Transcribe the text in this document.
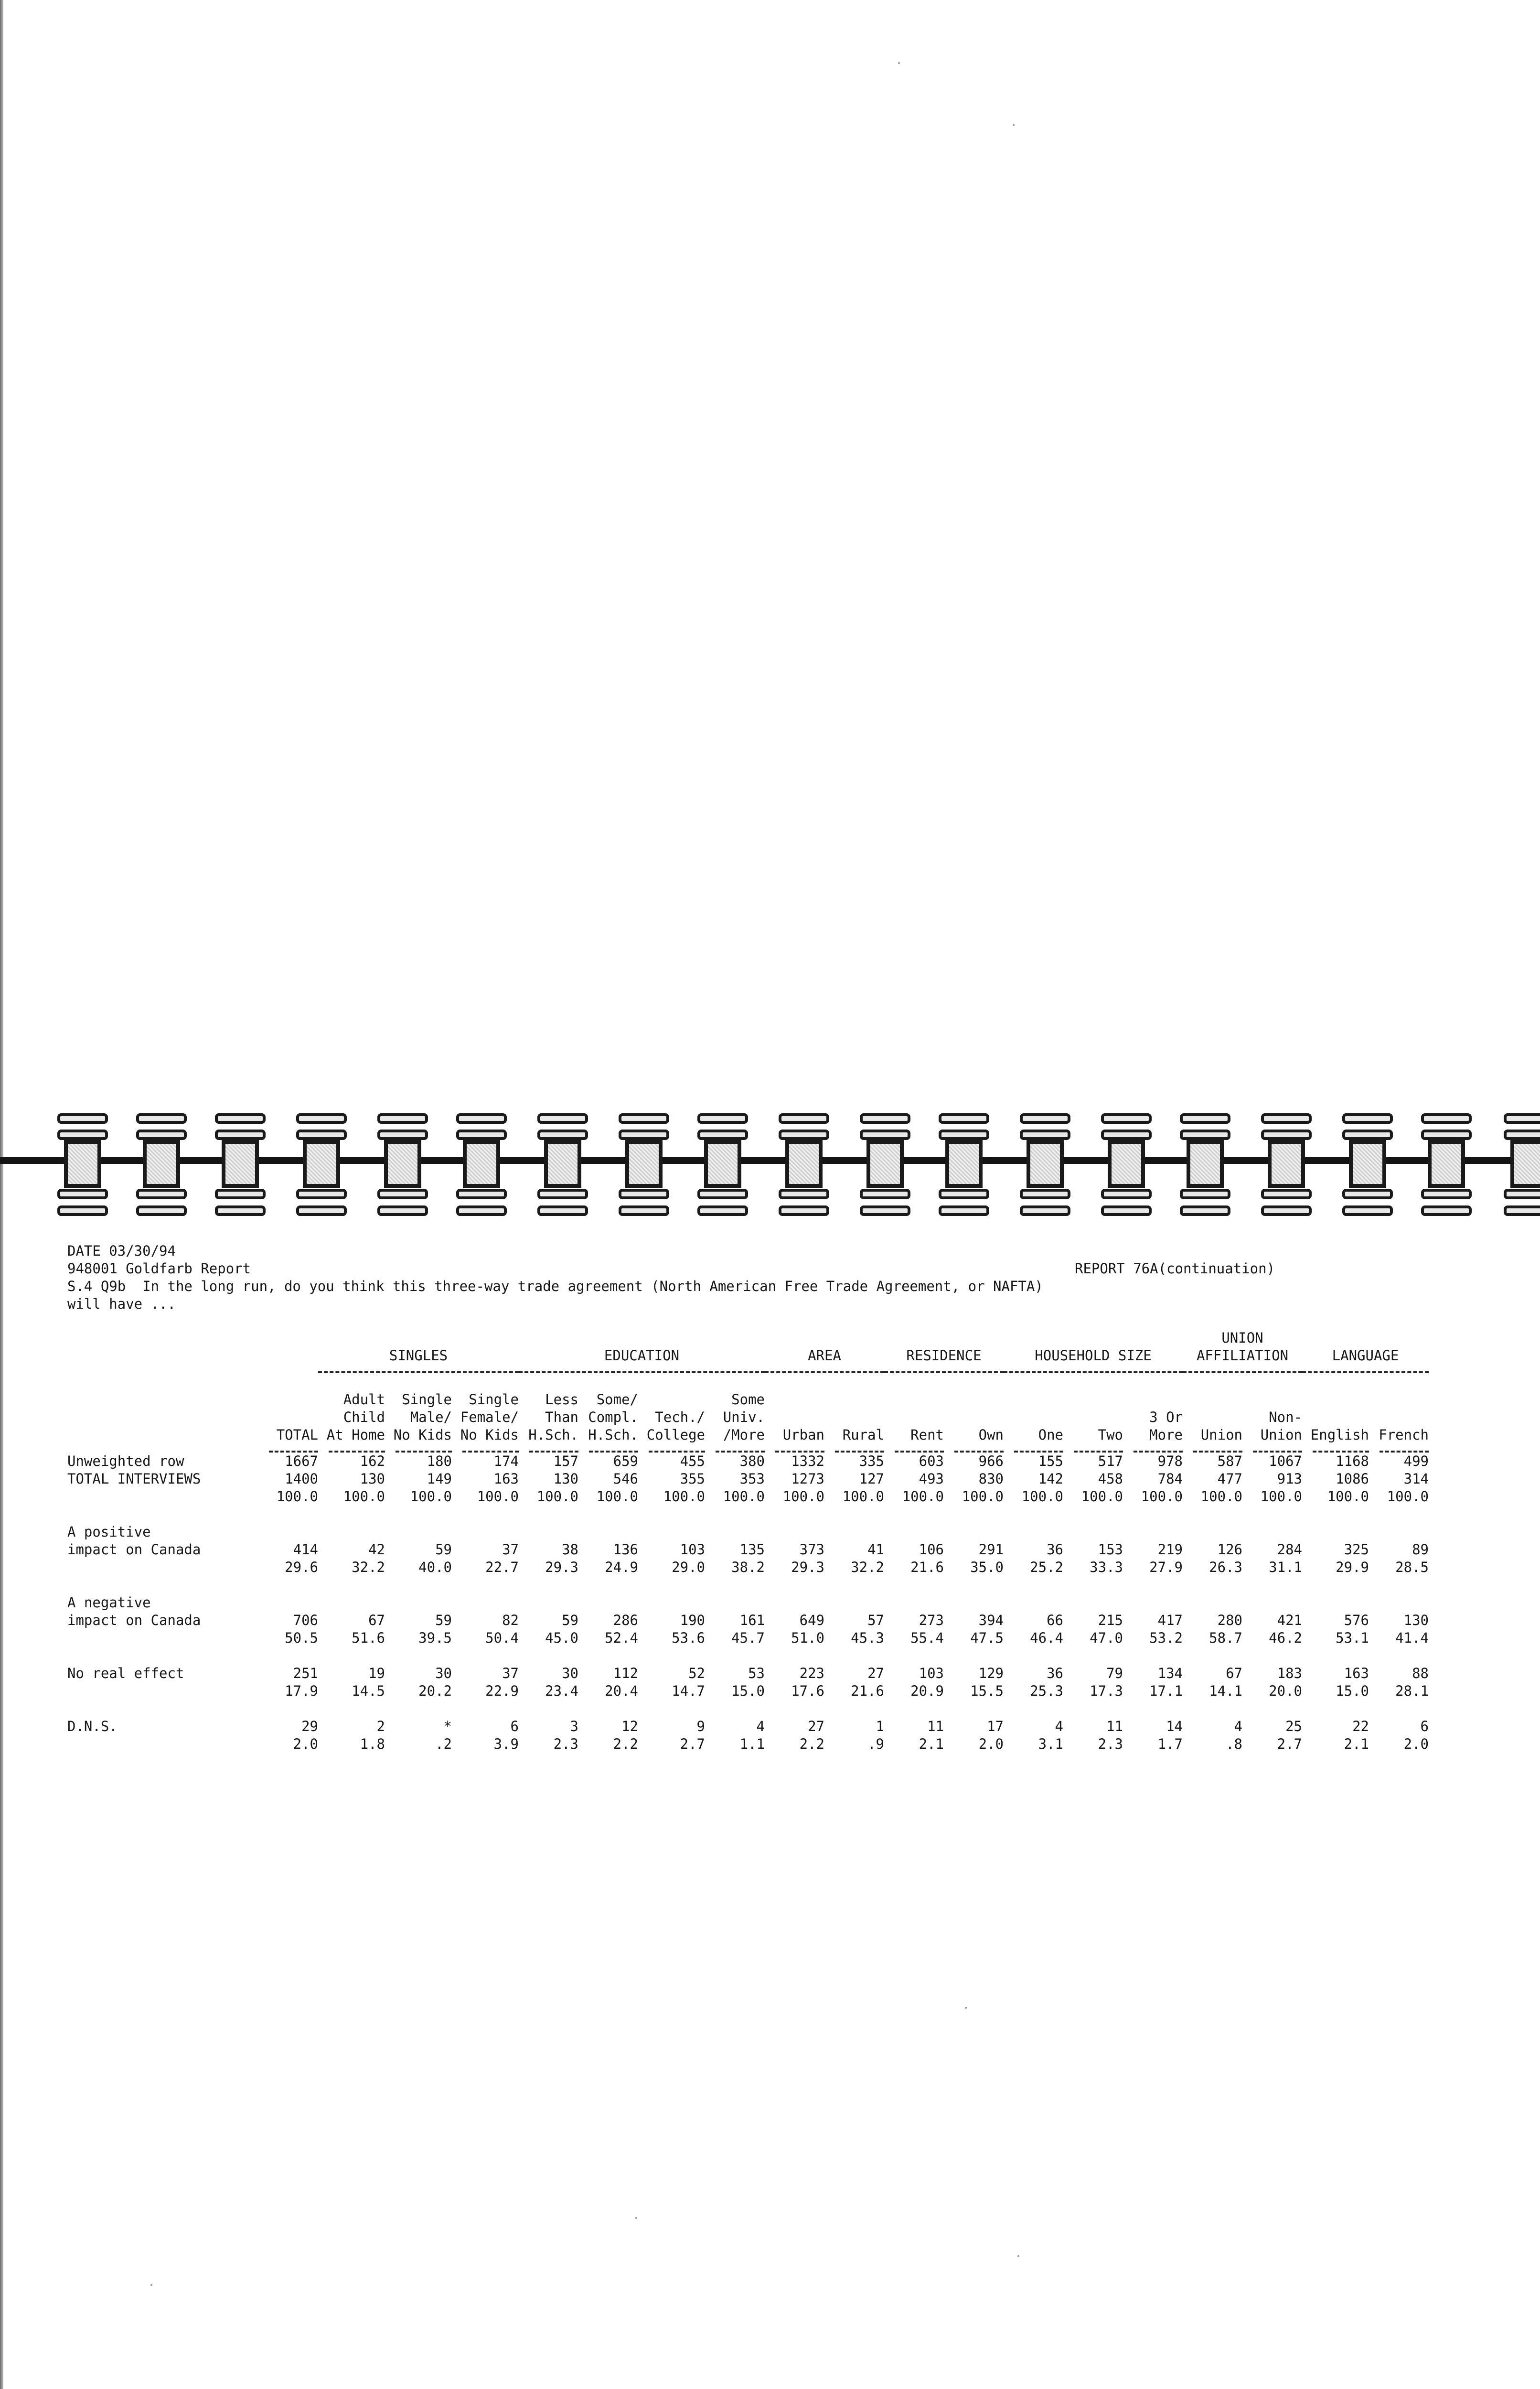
DATE 03/30/94

948001 Goldfarb Report

	REPORT 76A(continuation)

S.4 Q9b  In the long run, do you think this three-way trade agreement (North American Free Trade Agreement, or NAFTA)

will have ...

																UNION			
		SINGLES			EDUCATION				AREA		RESIDENCE		HOUSEHOLD SIZE			AFFILIATION		LANGUAGE	

		Adult	Single	Single	Less	Some/		Some											
		Child	Male/	Female/	Than	Compl.	Tech./	Univ.							3 Or		Non-		
	TOTAL	At Home	No Kids	No Kids	H.Sch.	H.Sch.	College	/More	Urban	Rural	Rent	Own	One	Two	More	Union	Union	English	French

Unweighted row	1667	162	180	174	157	659	455	380	1332	335	603	966	155	517	978	587	1067	1168	499
TOTAL INTERVIEWS	1400	130	149	163	130	546	355	353	1273	127	493	830	142	458	784	477	913	1086	314
	100.0	100.0	100.0	100.0	100.0	100.0	100.0	100.0	100.0	100.0	100.0	100.0	100.0	100.0	100.0	100.0	100.0	100.0	100.0

A positive																			
impact on Canada	414	42	59	37	38	136	103	135	373	41	106	291	36	153	219	126	284	325	89
	29.6	32.2	40.0	22.7	29.3	24.9	29.0	38.2	29.3	32.2	21.6	35.0	25.2	33.3	27.9	26.3	31.1	29.9	28.5

A negative																			
impact on Canada	706	67	59	82	59	286	190	161	649	57	273	394	66	215	417	280	421	576	130
	50.5	51.6	39.5	50.4	45.0	52.4	53.6	45.7	51.0	45.3	55.4	47.5	46.4	47.0	53.2	58.7	46.2	53.1	41.4

No real effect	251	19	30	37	30	112	52	53	223	27	103	129	36	79	134	67	183	163	88
	17.9	14.5	20.2	22.9	23.4	20.4	14.7	15.0	17.6	21.6	20.9	15.5	25.3	17.3	17.1	14.1	20.0	15.0	28.1

D.N.S.	29	2	*	6	3	12	9	4	27	1	11	17	4	11	14	4	25	22	6
	2.0	1.8	.2	3.9	2.3	2.2	2.7	1.1	2.2	.9	2.1	2.0	3.1	2.3	1.7	.8	2.7	2.1	2.0
